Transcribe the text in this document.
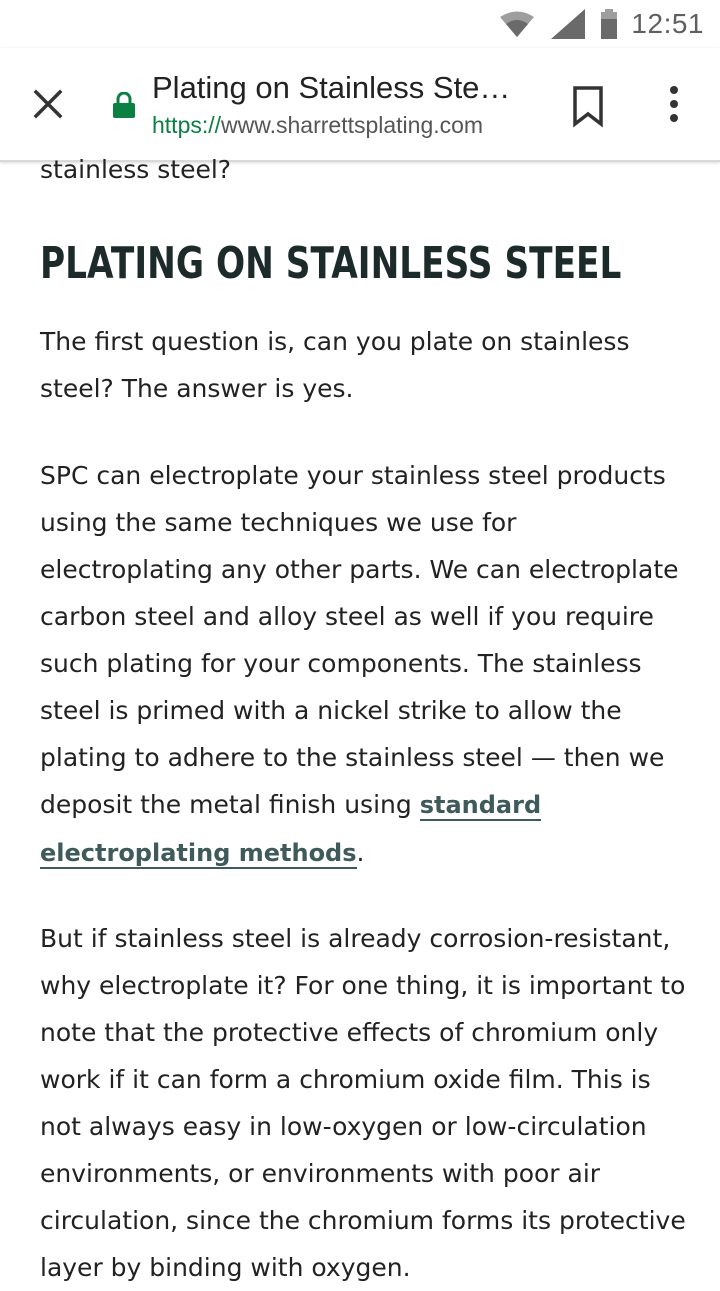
12:51
Plating on Stainless Ste…
https://www.sharrettsplating.com

stainless steel?

PLATING ON STAINLESS STEEL

The first question is, can you plate on stainless steel? The answer is yes.

SPC can electroplate your stainless steel products using the same techniques we use for electroplating any other parts. We can electroplate carbon steel and alloy steel as well if you require such plating for your components. The stainless steel is primed with a nickel strike to allow the plating to adhere to the stainless steel — then we deposit the metal finish using standard electroplating methods.

But if stainless steel is already corrosion-resistant, why electroplate it? For one thing, it is important to note that the protective effects of chromium only work if it can form a chromium oxide film. This is not always easy in low-oxygen or low-circulation environments, or environments with poor air circulation, since the chromium forms its protective layer by binding with oxygen.
